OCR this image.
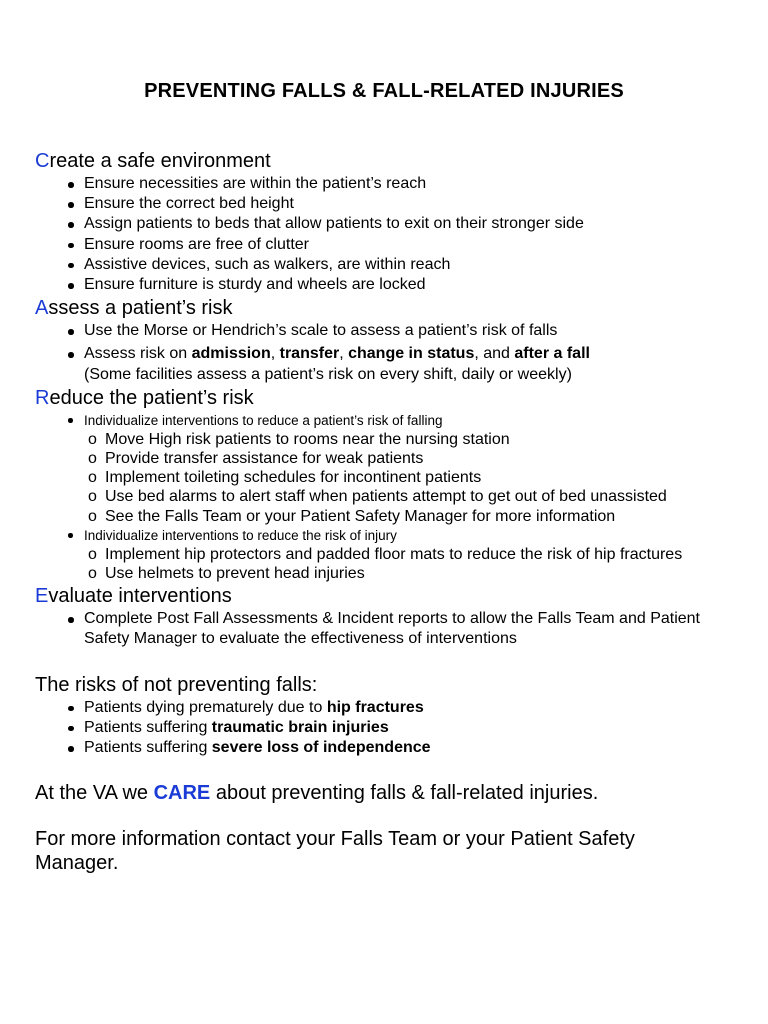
PREVENTING FALLS & FALL-RELATED INJURIES

Create a safe environment

Ensure necessities are within the patient’s reach
Ensure the correct bed height
Assign patients to beds that allow patients to exit on their stronger side
Ensure rooms are free of clutter
Assistive devices, such as walkers, are within reach
Ensure furniture is sturdy and wheels are locked

Assess a patient’s risk

Use the Morse or Hendrich’s scale to assess a patient’s risk of falls
Assess risk on admission, transfer, change in status, and after a fall
(Some facilities assess a patient’s risk on every shift, daily or weekly)

Reduce the patient’s risk

Individualize interventions to reduce a patient’s risk of falling
o Move High risk patients to rooms near the nursing station
o Provide transfer assistance for weak patients
o Implement toileting schedules for incontinent patients
o Use bed alarms to alert staff when patients attempt to get out of bed unassisted
o See the Falls Team or your Patient Safety Manager for more information
Individualize interventions to reduce the risk of injury
o Implement hip protectors and padded floor mats to reduce the risk of hip fractures
o Use helmets to prevent head injuries

Evaluate interventions

Complete Post Fall Assessments & Incident reports to allow the Falls Team and Patient Safety Manager to evaluate the effectiveness of interventions

The risks of not preventing falls:

Patients dying prematurely due to hip fractures
Patients suffering traumatic brain injuries
Patients suffering severe loss of independence

At the VA we CARE about preventing falls & fall-related injuries.

For more information contact your Falls Team or your Patient Safety Manager.
